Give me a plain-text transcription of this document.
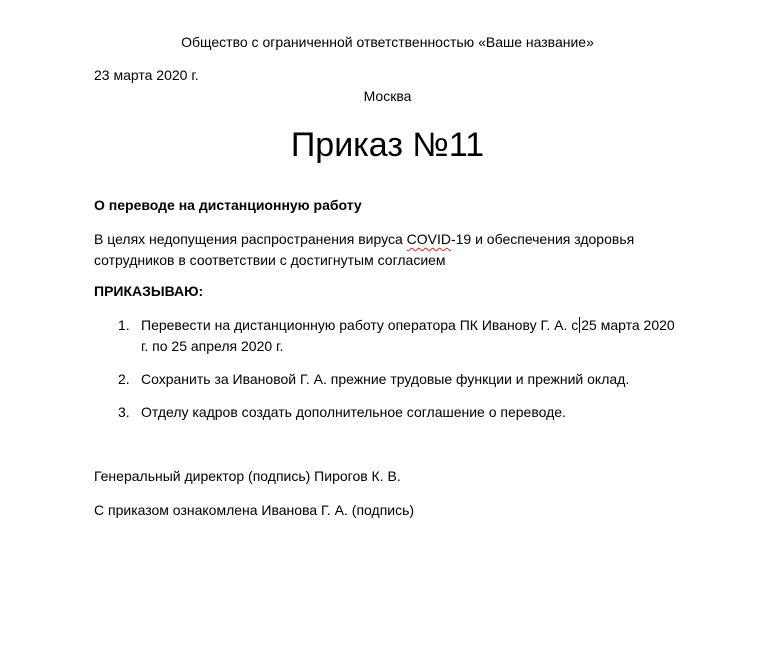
Общество с ограниченной ответственностью «Ваше название»
23 марта 2020 г.
Москва
Приказ №11
О переводе на дистанционную работу
В целях недопущения распространения вируса COVID-19 и обеспечения здоровья сотрудников в соответствии с достигнутым согласием
ПРИКАЗЫВАЮ:
1. Перевести на дистанционную работу оператора ПК Иванову Г. А. с 25 марта 2020 г. по 25 апреля 2020 г.
2. Сохранить за Ивановой Г. А. прежние трудовые функции и прежний оклад.
3. Отделу кадров создать дополнительное соглашение о переводе.
Генеральный директор (подпись) Пирогов К. В.
С приказом ознакомлена Иванова Г. А. (подпись)
